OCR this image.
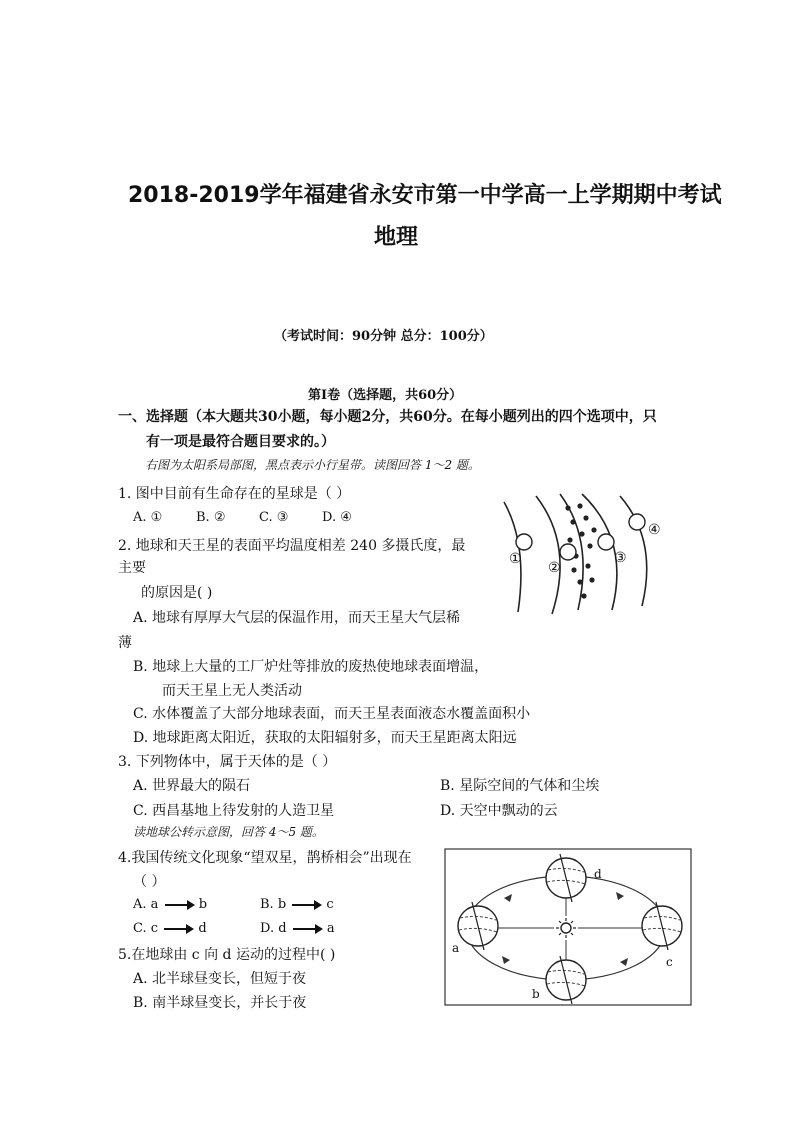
2018-2019学年福建省永安市第一中学高一上学期期中考试
地理
（考试时间：90分钟 总分：100分）
第Ⅰ卷（选择题，共60分）
一、选择题（本大题共30小题，每小题2分，共60分。在每小题列出的四个选项中，只
有一项是最符合题目要求的。）
右图为太阳系局部图，黑点表示小行星带。读图回答 1～2 题。
1. 图中目前有生命存在的星球是（ ）
A. ①	B. ②	C. ③	D. ④
2. 地球和天王星的表面平均温度相差 240 多摄氏度，最
主要
的原因是( )
A. 地球有厚厚大气层的保温作用，而天王星大气层稀
薄
B. 地球上大量的工厂炉灶等排放的废热使地球表面增温，
而天王星上无人类活动
C. 水体覆盖了大部分地球表面，而天王星表面液态水覆盖面积小
D. 地球距离太阳近，获取的太阳辐射多，而天王星距离太阳远
①
②
③
④
3. 下列物体中，属于天体的是（ ）
A. 世界最大的陨石	B. 星际空间的气体和尘埃
C. 西昌基地上待发射的人造卫星	D. 天空中飘动的云
读地球公转示意图，回答 4～5 题。
4.我国传统文化现象“望双星，鹊桥相会”出现在
（ ）
A. a	b	B. b	c
C. c	d	D. d	a
5.在地球由 c 向 d 运动的过程中( )
A. 北半球昼变长，但短于夜
B. 南半球昼变长，并长于夜
a
b
c
d
